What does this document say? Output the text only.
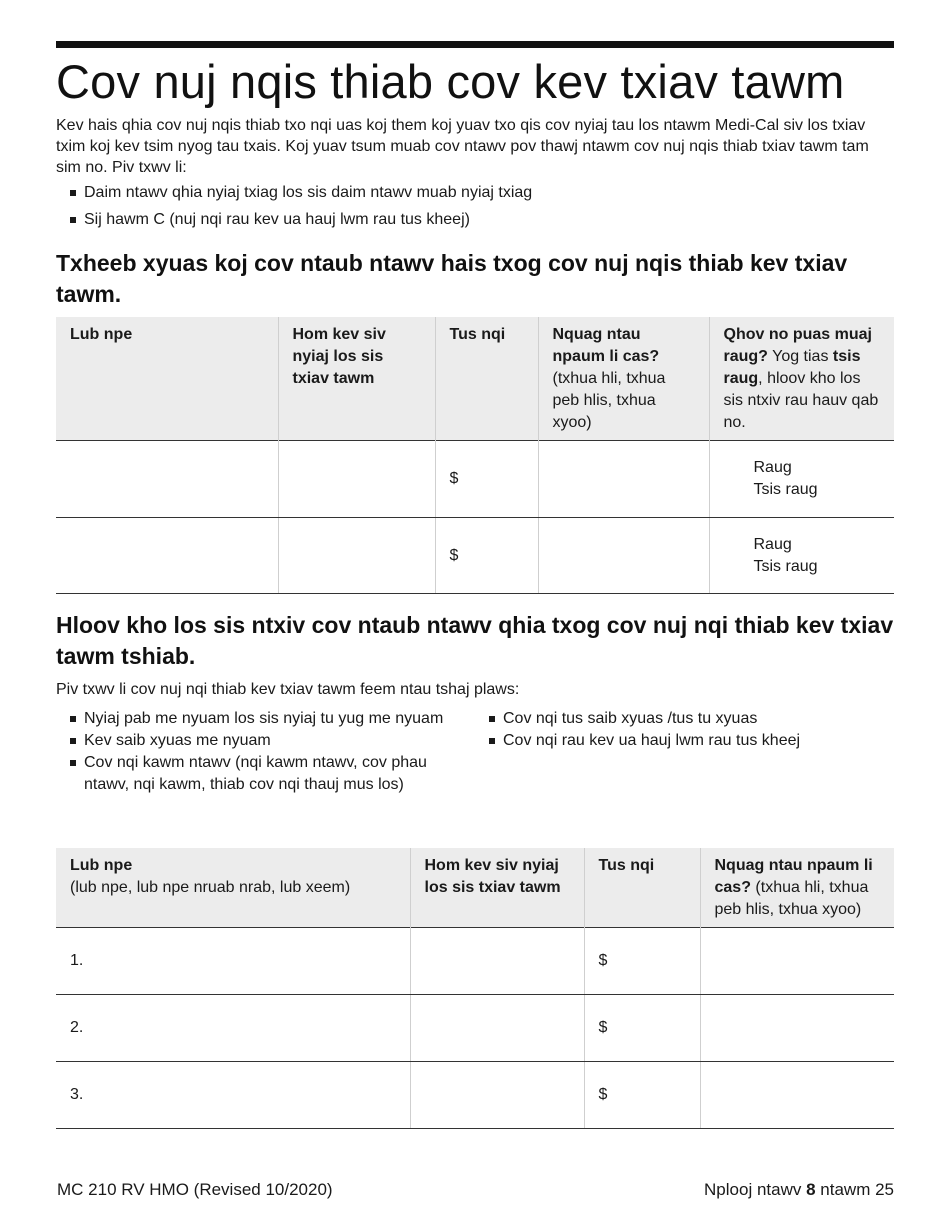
Cov nuj nqis thiab cov kev txiav tawm

Kev hais qhia cov nuj nqis thiab txo nqi uas koj them koj yuav txo qis cov nyiaj tau los ntawm Medi-Cal siv los txiav txim koj kev tsim nyog tau txais. Koj yuav tsum muab cov ntawv pov thawj ntawm cov nuj nqis thiab txiav tawm tam sim no. Piv txwv li:

Daim ntawv qhia nyiaj txiag los sis daim ntawv muab nyiaj txiag
Sij hawm C (nuj nqi rau kev ua hauj lwm rau tus kheej)
Txheeb xyuas koj cov ntaub ntawv hais txog cov nuj nqis thiab kev txiav tawm.
Lub npe	Hom kev siv nyiaj los sis txiav tawm	Tus nqi	Nquag ntau npaum li cas?
(txhua hli, txhua peb hlis, txhua xyoo)	Qhov no puas muaj raug? Yog tias tsis raug, hloov kho los sis ntxiv rau hauv qab no.
		$		Raug
Tsis raug

		$		Raug
Tsis raug
Hloov kho los sis ntxiv cov ntaub ntawv qhia txog cov nuj nqi thiab kev txiav tawm tshiab.

Piv txwv li cov nuj nqi thiab kev txiav tawm feem ntau tshaj plaws:

Nyiaj pab me nyuam los sis nyiaj tu yug me nyuam
Kev saib xyuas me nyuam
Cov nqi kawm ntawv (nqi kawm ntawv, cov phau ntawv, nqi kawm, thiab cov nqi thauj mus los)
Cov nqi tus saib xyuas /tus tu xyuas
Cov nqi rau kev ua hauj lwm rau tus kheej
Lub npe
(lub npe, lub npe nruab nrab, lub xeem)	Hom kev siv nyiaj los sis txiav tawm	Tus nqi	Nquag ntau npaum li cas? (txhua hli, txhua peb hlis, txhua xyoo)
1.		$	
2.		$	
3.		$	
MC 210 RV HMO (Revised 10/2020)	Nplooj ntawv 8 ntawm 25
